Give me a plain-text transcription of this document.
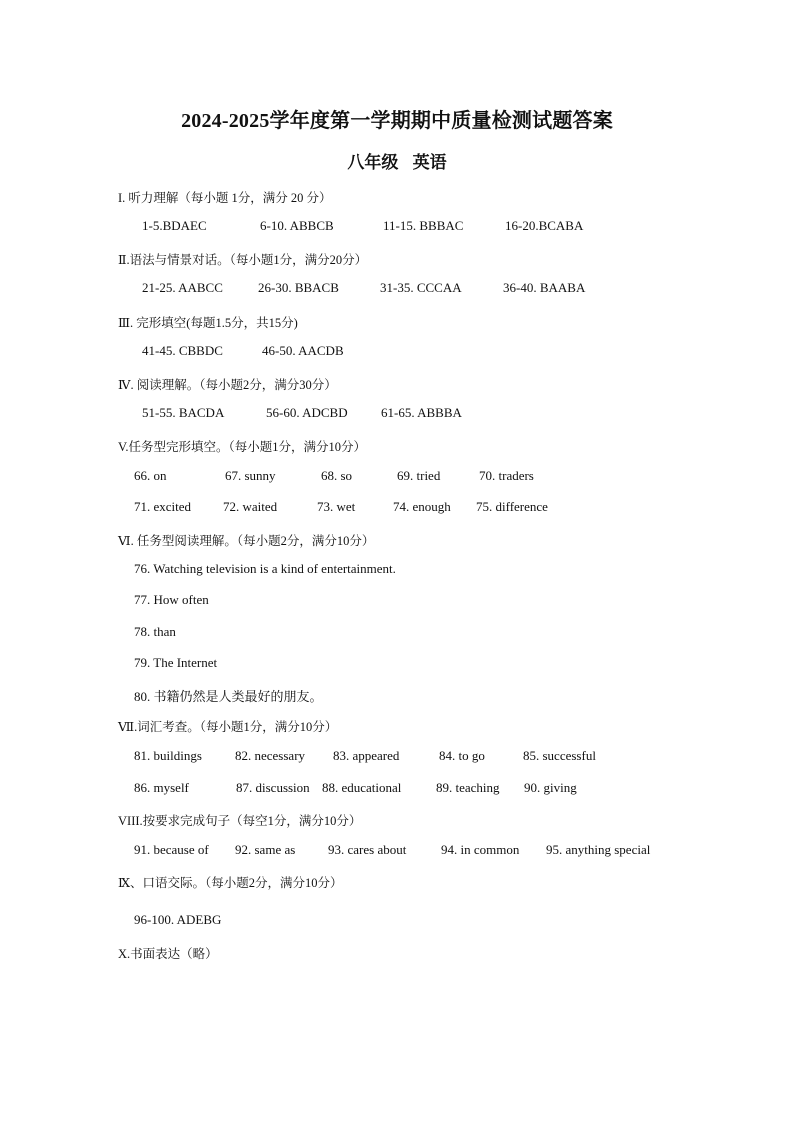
2024-2025学年度第一学期期中质量检测试题答案
八年级 英语
I. 听力理解（每小题 1分，满分 20 分）
1-5.BDAEC	6-10. ABBCB	11-15. BBBAC	16-20.BCABA
Ⅱ.语法与情景对话。（每小题1分，满分20分）
21-25. AABCC	26-30. BBACB	31-35. CCCAA	36-40. BAABA
Ⅲ. 完形填空(每题1.5分，共15分)
41-45. CBBDC	46-50. AACDB
Ⅳ. 阅读理解。（每小题2分，满分30分）
51-55. BACDA	56-60. ADCBD	61-65. ABBBA
V.任务型完形填空。（每小题1分，满分10分）
66. on	67. sunny	68. so	69. tried	70. traders
71. excited 72. waited	73. wet	74. enough 75. difference
Ⅵ. 任务型阅读理解。（每小题2分，满分10分）
76. Watching television is a kind of entertainment.
77. How often
78. than
79. The Internet
80. 书籍仍然是人类最好的朋友。
Ⅶ.词汇考查。（每小题1分，满分10分）
81. buildings	82. necessary 83. appeared	84. to go	85. successful
86. myself	87. discussion 88. educational	89. teaching 90. giving
VIII.按要求完成句子（每空1分，满分10分）
91. because of 92. same as	93. cares about	94. in common 95. anything special
Ⅸ、口语交际。（每小题2分，满分10分）
96-100. ADEBG
X.书面表达（略）
